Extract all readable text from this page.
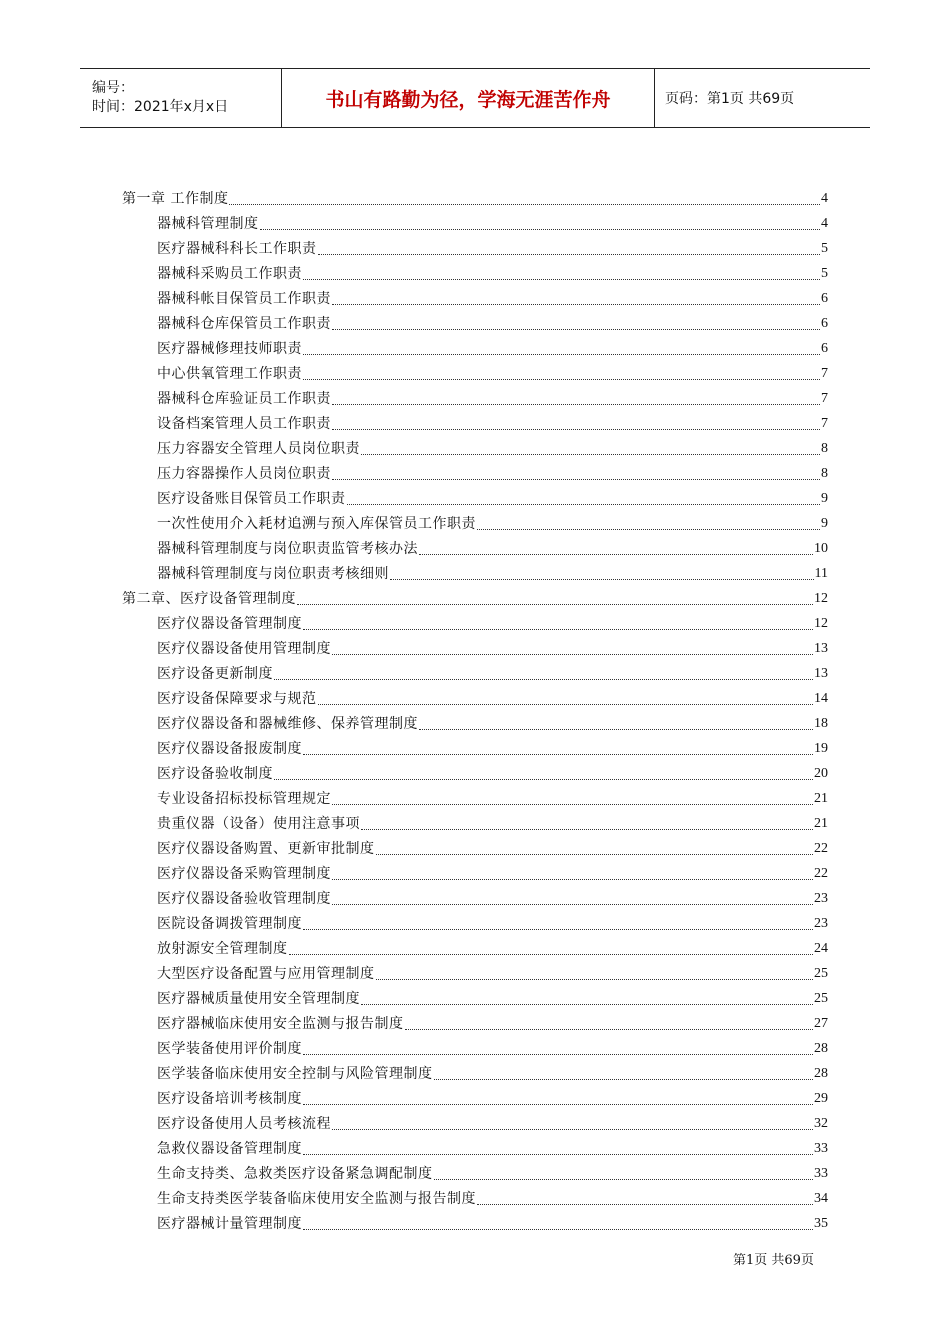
编号：
时间：2021年x月x日	书山有路勤为径，学海无涯苦作舟	页码：第1页 共69页
第一章 工作制度	4
器械科管理制度	4
医疗器械科科长工作职责	5
器械科采购员工作职责	5
器械科帐目保管员工作职责	6
器械科仓库保管员工作职责	6
医疗器械修理技师职责	6
中心供氧管理工作职责	7
器械科仓库验证员工作职责	7
设备档案管理人员工作职责	7
压力容器安全管理人员岗位职责	8
压力容器操作人员岗位职责	8
医疗设备账目保管员工作职责	9
一次性使用介入耗材追溯与预入库保管员工作职责	9
器械科管理制度与岗位职责监管考核办法	10
器械科管理制度与岗位职责考核细则	11
第二章、医疗设备管理制度	12
医疗仪器设备管理制度	12
医疗仪器设备使用管理制度	13
医疗设备更新制度	13
医疗设备保障要求与规范	14
医疗仪器设备和器械维修、保养管理制度	18
医疗仪器设备报废制度	19
医疗设备验收制度	20
专业设备招标投标管理规定	21
贵重仪器（设备）使用注意事项	21
医疗仪器设备购置、更新审批制度	22
医疗仪器设备采购管理制度	22
医疗仪器设备验收管理制度	23
医院设备调拨管理制度	23
放射源安全管理制度	24
大型医疗设备配置与应用管理制度	25
医疗器械质量使用安全管理制度	25
医疗器械临床使用安全监测与报告制度	27
医学装备使用评价制度	28
医学装备临床使用安全控制与风险管理制度	28
医疗设备培训考核制度	29
医疗设备使用人员考核流程	32
急救仪器设备管理制度	33
生命支持类、急救类医疗设备紧急调配制度	33
生命支持类医学装备临床使用安全监测与报告制度	34
医疗器械计量管理制度	35
第1页 共69页
